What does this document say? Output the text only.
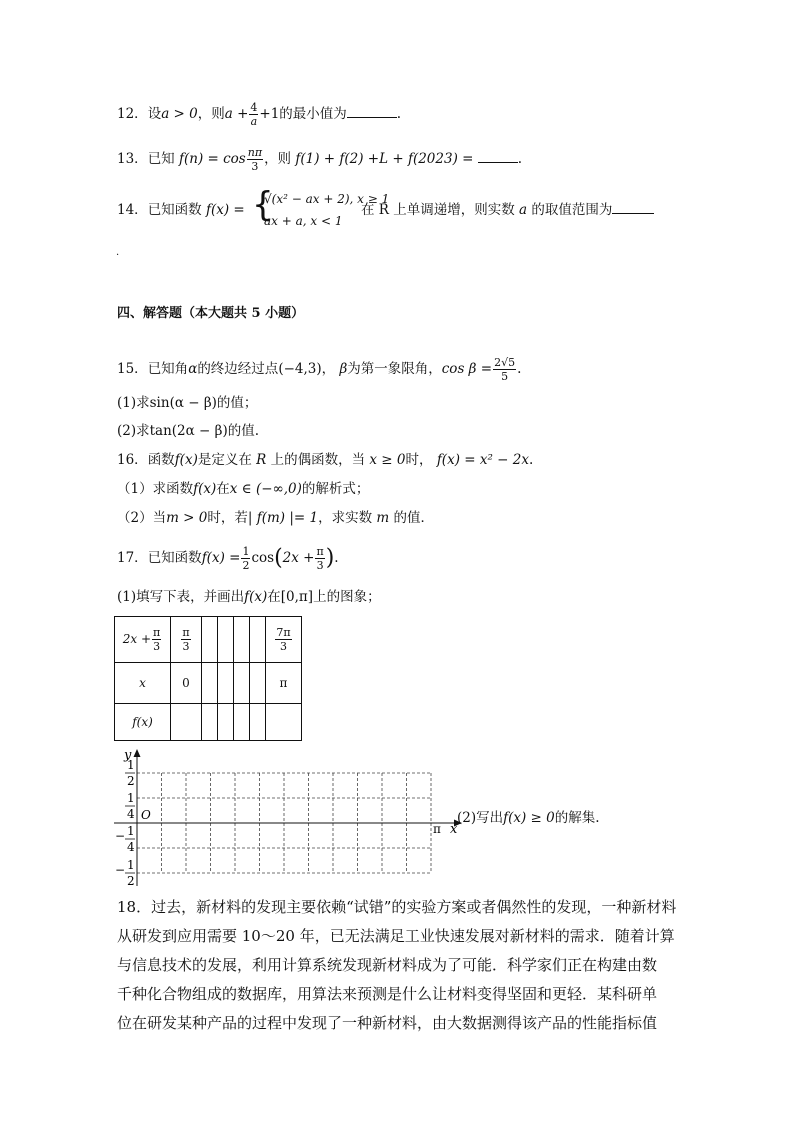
12．设a > 0，则$a + \frac{4}{a} +1$的最小值为	.
13．已知 $f(n) = \cos \frac{n\pi}{3}$ ，则 f(1) + f(2) +L + f(2023) =	.
14．已知函数 f(x) = {
√(x² − ax + 2), x ≥ 1
ax + a, x < 1
在 R 上单调递增，则实数 a 的取值范围为
.
四、解答题（本大题共 5 小题）
15．已知角α的终边经过点(−4,3)， β为第一象限角，$\cos \beta = \frac{2√5}{5}$ .
(1)求sin(α − β)的值；
(2)求tan(2α − β)的值.
16．函数f(x)是定义在 R 上的偶函数，当 x ≥ 0时， f(x) = x² − 2x.
（1）求函数f(x)在x ∈ (−∞,0)的解析式；
（2）当m > 0时，若| f(m) |= 1，求实数 m 的值．
17．已知函数$f(x) = \frac{1}{2} \cos(2x + \frac{\pi}{3}$ ).
(1)填写下表，并画出f(x)在[0,π]上的图象；
$2x + \frac{\pi}{3}$	$\frac{\pi}{3}$					$\frac{7\pi}{3}$

x	0					π
f(x)						
y
x
O
π
1
2
1
4
− 1
4
− 1
2
(2)写出f(x) ≥ 0的解集.
18．过去，新材料的发现主要依赖“试错”的实验方案或者偶然性的发现，一种新材料
从研发到应用需要 10～20 年，已无法满足工业快速发展对新材料的需求．随着计算
与信息技术的发展，利用计算系统发现新材料成为了可能．科学家们正在构建由数
千种化合物组成的数据库，用算法来预测是什么让材料变得坚固和更轻．某科研单
位在研发某种产品的过程中发现了一种新材料，由大数据测得该产品的性能指标值
